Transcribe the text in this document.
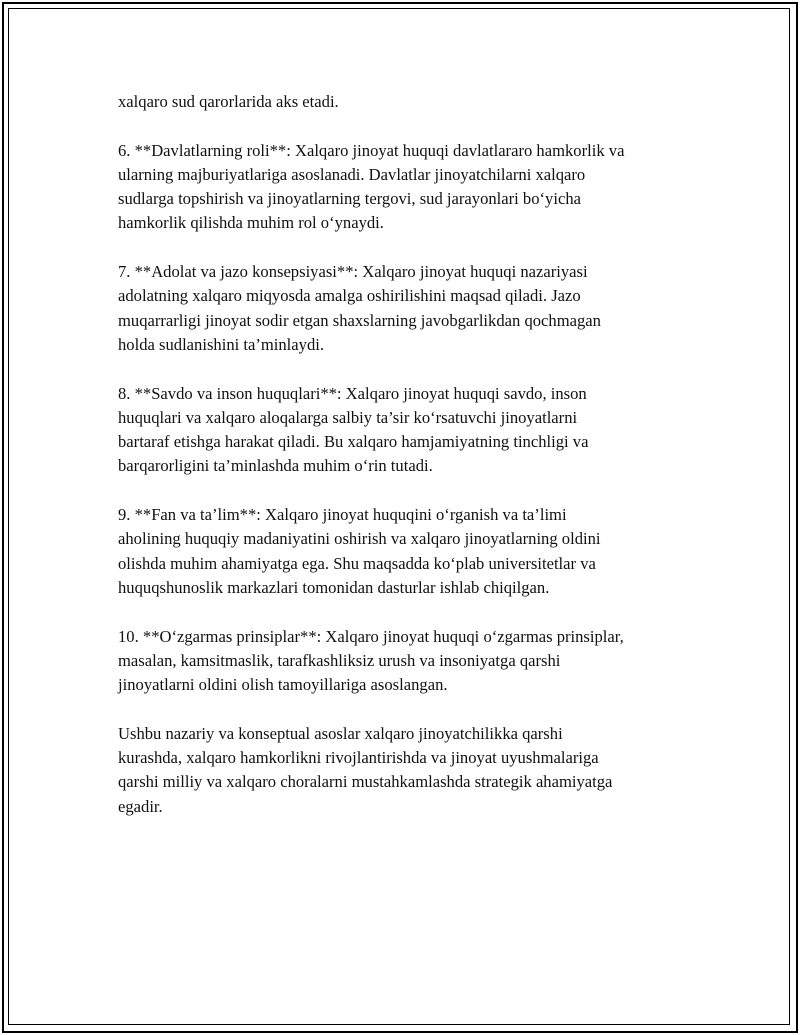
xalqaro sud qarorlarida aks etadi.

6. **Davlatlarning roli**: Xalqaro jinoyat huquqi davlatlararo hamkorlik va
ularning majburiyatlariga asoslanadi. Davlatlar jinoyatchilarni xalqaro
sudlarga topshirish va jinoyatlarning tergovi, sud jarayonlari bo‘yicha
hamkorlik qilishda muhim rol o‘ynaydi.

7. **Adolat va jazo konsepsiyasi**: Xalqaro jinoyat huquqi nazariyasi
adolatning xalqaro miqyosda amalga oshirilishini maqsad qiladi. Jazo
muqarrarligi jinoyat sodir etgan shaxslarning javobgarlikdan qochmagan
holda sudlanishini ta’minlaydi.

8. **Savdo va inson huquqlari**: Xalqaro jinoyat huquqi savdo, inson
huquqlari va xalqaro aloqalarga salbiy ta’sir ko‘rsatuvchi jinoyatlarni
bartaraf etishga harakat qiladi. Bu xalqaro hamjamiyatning tinchligi va
barqarorligini ta’minlashda muhim o‘rin tutadi.

9. **Fan va ta’lim**: Xalqaro jinoyat huquqini o‘rganish va ta’limi
aholining huquqiy madaniyatini oshirish va xalqaro jinoyatlarning oldini
olishda muhim ahamiyatga ega. Shu maqsadda ko‘plab universitetlar va
huquqshunoslik markazlari tomonidan dasturlar ishlab chiqilgan.

10. **O‘zgarmas prinsiplar**: Xalqaro jinoyat huquqi o‘zgarmas prinsiplar,
masalan, kamsitmaslik, tarafkashliksiz urush va insoniyatga qarshi
jinoyatlarni oldini olish tamoyillariga asoslangan.

Ushbu nazariy va konseptual asoslar xalqaro jinoyatchilikka qarshi
kurashda, xalqaro hamkorlikni rivojlantirishda va jinoyat uyushmalariga
qarshi milliy va xalqaro choralarni mustahkamlashda strategik ahamiyatga
egadir.
